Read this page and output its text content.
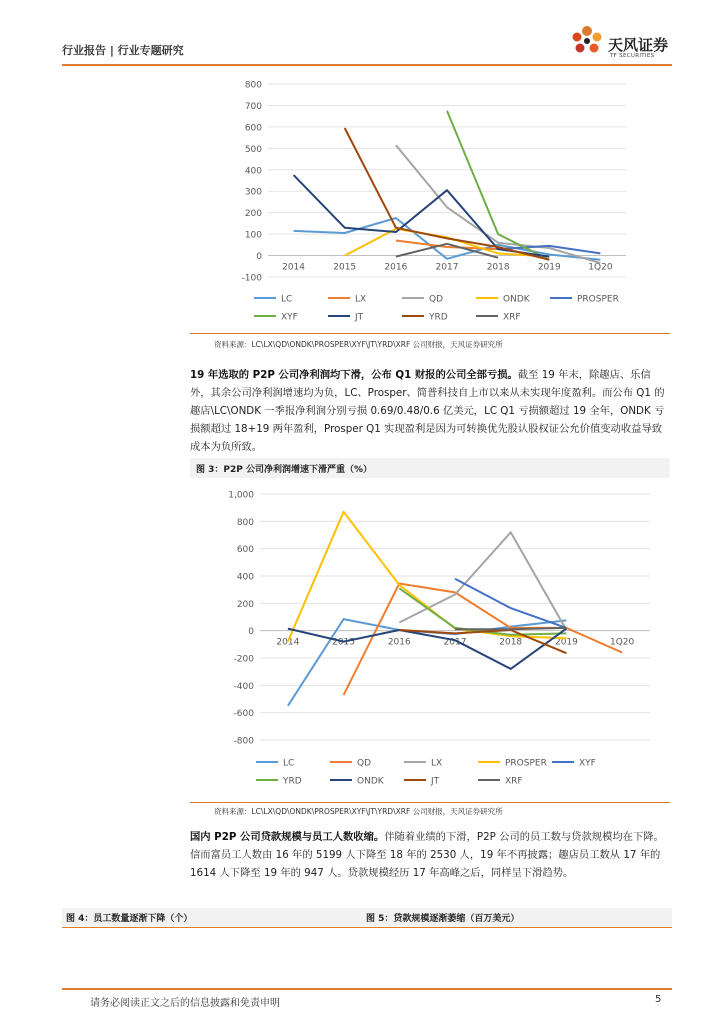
行业报告 | 行业专题研究	天风证券
TF SECURITIES
-100
0
100
200
300
400
500
600
700
800
2014	2015	2016	2017	2018	2019	1Q20
LC	LX	QD	ONDK	PROSPER
XYF	JT	YRD	XRF
资料来源：LC\LX\QD\ONDK\PROSPER\XYF\JT\YRD\XRF 公司财报，天风证券研究所
19 年选取的 P2P 公司净利润均下滑，公布 Q1 财报的公司全部亏损。截至 19 年末，除趣店、乐信外，其余公司净利润增速均为负，LC、Prosper、简普科技自上市以来从未实现年度盈利。而公布 Q1 的趣店\LC\ONDK 一季报净利润分别亏损 0.69/0.48/0.6 亿美元，LC Q1 亏损额超过 19 全年，ONDK 亏损额超过 18+19 两年盈利，Prosper Q1 实现盈利是因为可转换优先股认股权证公允价值变动收益导致成本为负所致。
图 3：P2P 公司净利润增速下滑严重（%）
1,000
800
600
400
200
0
-200
-400
-600
-800
2014	2015	2016	2017	2018	2019	1Q20
LC	QD	LX	PROSPER	XYF
YRD	ONDK	JT	XRF
资料来源：LC\LX\QD\ONDK\PROSPER\XYF\JT\YRD\XRF 公司财报，天风证券研究所
国内 P2P 公司贷款规模与员工人数收缩。伴随着业绩的下滑，P2P 公司的员工数与贷款规模均在下降。信而富员工人数由 16 年的 5199 人下降至 18 年的 2530 人，19 年不再披露；趣店员工数从 17 年的 1614 人下降至 19 年的 947 人。贷款规模经历 17 年高峰之后，同样呈下滑趋势。
图 4：员工数量逐渐下降（个）	图 5：贷款规模逐渐萎缩（百万美元）
请务必阅读正文之后的信息披露和免责申明	5
